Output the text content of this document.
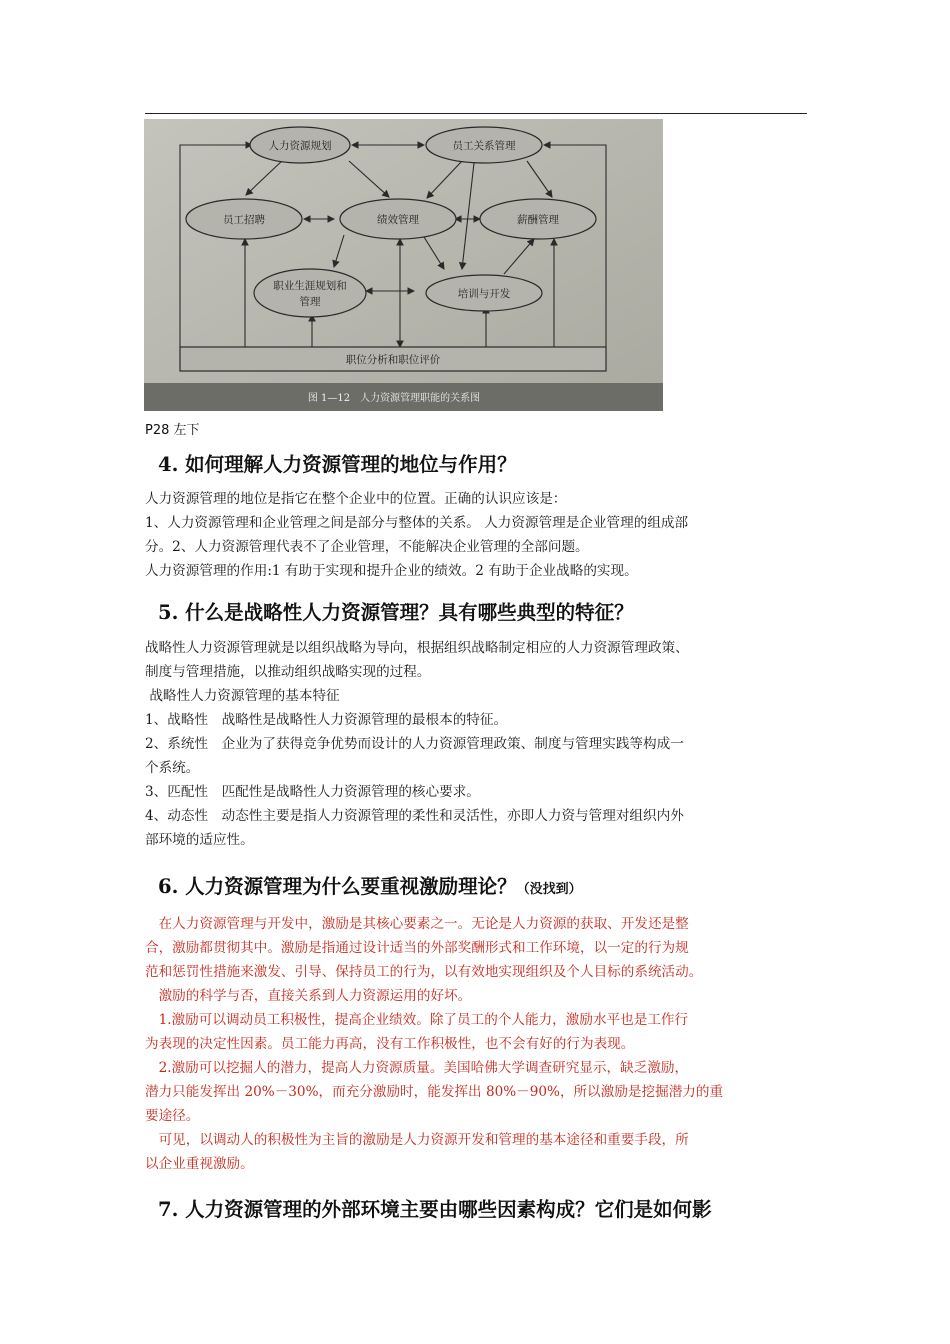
人力资源规划	员工关系管理
员工招聘	绩效管理	薪酬管理
职业生涯规划和
管理
培训与开发
职位分析和职位评价
图 1—12　人力资源管理职能的关系图
P28 左下
4. 如何理解人力资源管理的地位与作用？

人力资源管理的地位是指它在整个企业中的位置。正确的认识应该是：

1、人力资源管理和企业管理之间是部分与整体的关系。 人力资源管理是企业管理的组成部

分。2、人力资源管理代表不了企业管理，不能解决企业管理的全部问题。

人力资源管理的作用:1 有助于实现和提升企业的绩效。2 有助于企业战略的实现。

5. 什么是战略性人力资源管理？具有哪些典型的特征？

战略性人力资源管理就是以组织战略为导向，根据组织战略制定相应的人力资源管理政策、

制度与管理措施，以推动组织战略实现的过程。

战略性人力资源管理的基本特征

1、战略性　战略性是战略性人力资源管理的最根本的特征。

2、系统性　企业为了获得竞争优势而设计的人力资源管理政策、制度与管理实践等构成一

个系统。

3、匹配性　匹配性是战略性人力资源管理的核心要求。

4、动态性　动态性主要是指人力资源管理的柔性和灵活性，亦即人力资与管理对组织内外

部环境的适应性。

6. 人力资源管理为什么要重视激励理论？（没找到）

　在人力资源管理与开发中，激励是其核心要素之一。无论是人力资源的获取、开发还是整

合，激励都贯彻其中。激励是指通过设计适当的外部奖酬形式和工作环境，以一定的行为规

范和惩罚性措施来激发、引导、保持员工的行为，以有效地实现组织及个人目标的系统活动。

　激励的科学与否，直接关系到人力资源运用的好坏。

　1.激励可以调动员工积极性，提高企业绩效。除了员工的个人能力，激励水平也是工作行

为表现的决定性因素。员工能力再高，没有工作积极性，也不会有好的行为表现。

　2.激励可以挖掘人的潜力，提高人力资源质量。美国哈佛大学调查研究显示，缺乏激励，

潜力只能发挥出 20%－30%，而充分激励时，能发挥出 80%－90%，所以激励是挖掘潜力的重

要途径。

　可见，以调动人的积极性为主旨的激励是人力资源开发和管理的基本途径和重要手段，所

以企业重视激励。

7. 人力资源管理的外部环境主要由哪些因素构成？它们是如何影
